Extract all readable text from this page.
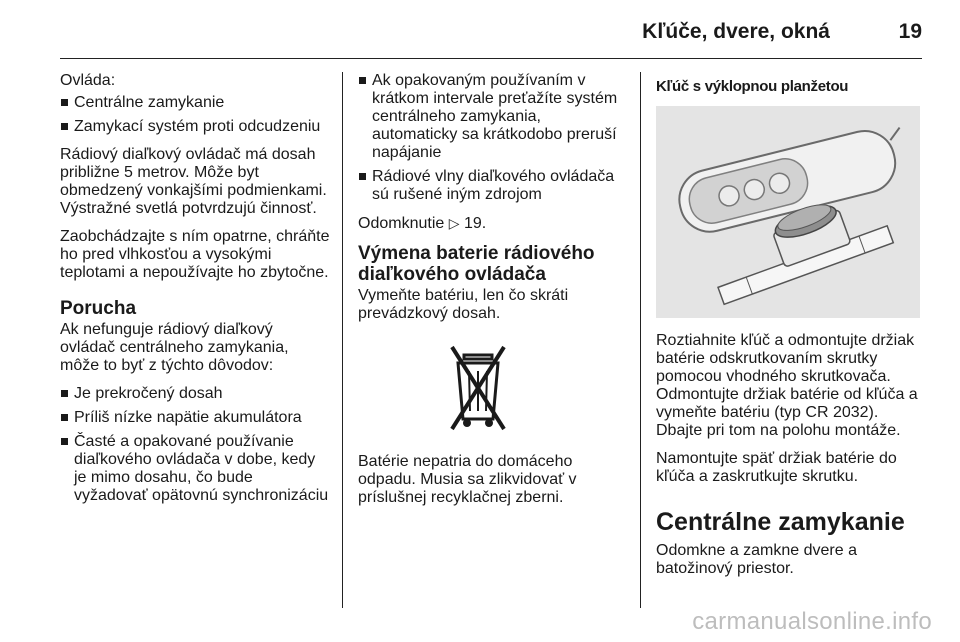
Kľúče, dvere, okná	19

Ovláda:

Centrálne zamykanie
Zamykací systém proti odcudzeniu

Rádiový diaľkový ovládač má dosah približne 5 metrov. Môže byt obmedzený vonkajšími podmienkami. Výstražné svetlá potvrdzujú činnosť.

Zaobchádzajte s ním opatrne, chráňte ho pred vlhkosťou a vysokými teplotami a nepoužívajte ho zbytočne.

Porucha

Ak nefunguje rádiový diaľkový ovládač centrálneho zamykania, môže to byť z týchto dôvodov:

Je prekročený dosah
Príliš nízke napätie akumulátora
Časté a opakované používanie diaľkového ovládača v dobe, kedy je mimo dosahu, čo bude vyžadovať opätovnú synchronizáciu
Ak opakovaným používaním v krátkom intervale preťažíte systém centrálneho zamykania, automaticky sa krátkodobo preruší napájanie
Rádiové vlny diaľkového ovládača sú rušené iným zdrojom

Odomknutie ▷ 19.

Výmena baterie rádiového diaľkového ovládača

Vymeňte batériu, len čo skráti prevádzkový dosah.

Batérie nepatria do domáceho odpadu. Musia sa zlikvidovať v príslušnej recyklačnej zberni.

Kľúč s výklopnou planžetou

Roztiahnite kľúč a odmontujte držiak batérie odskrutkovaním skrutky pomocou vhodného skrutkovača. Odmontujte držiak batérie od kľúča a vymeňte batériu (typ CR 2032). Dbajte pri tom na polohu montáže.

Namontujte späť držiak batérie do kľúča a zaskrutkujte skrutku.

Centrálne zamykanie

Odomkne a zamkne dvere a batožinový priestor.

carmanualsonline.info
